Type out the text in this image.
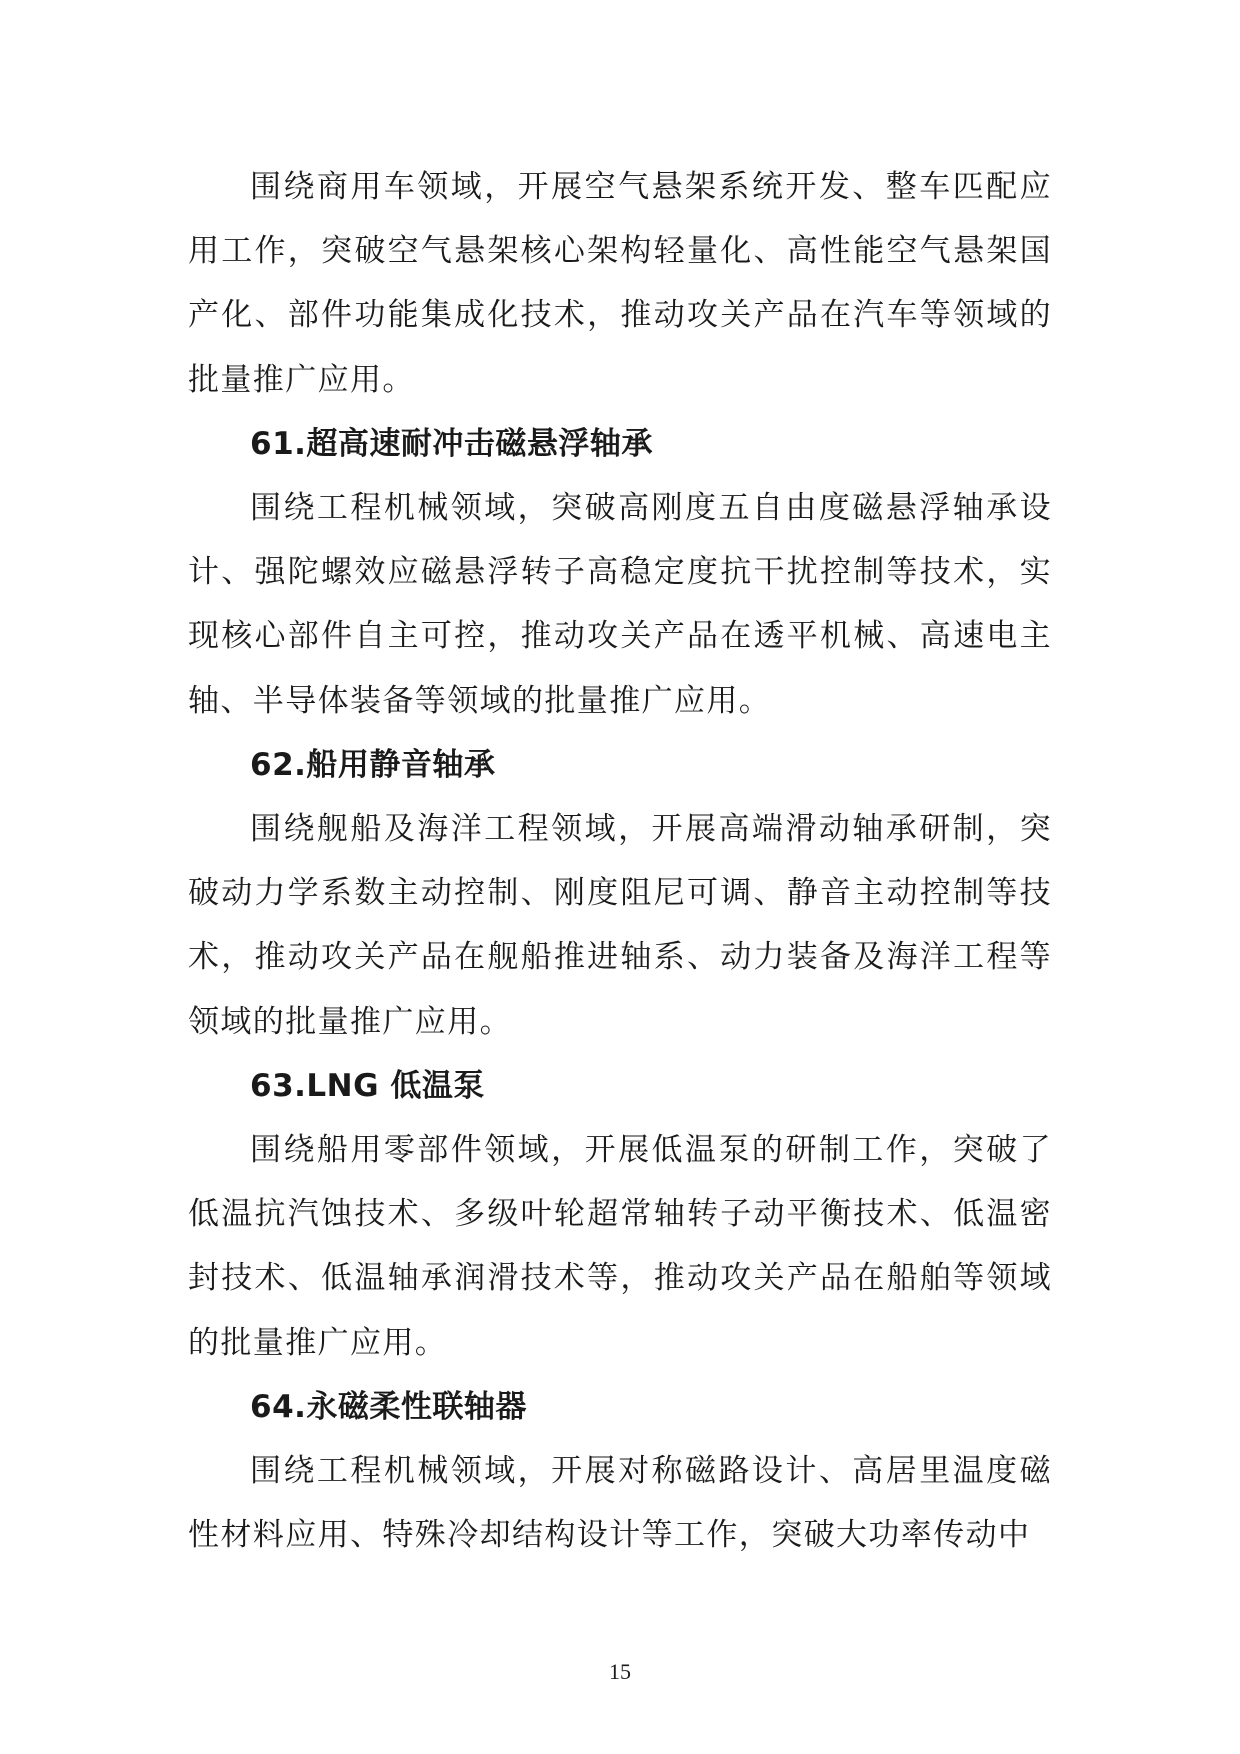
围绕商用车领域，开展空气悬架系统开发、整车匹配应用工作，突破空气悬架核心架构轻量化、高性能空气悬架国产化、部件功能集成化技术，推动攻关产品在汽车等领域的批量推广应用。

61.超高速耐冲击磁悬浮轴承

围绕工程机械领域，突破高刚度五自由度磁悬浮轴承设计、强陀螺效应磁悬浮转子高稳定度抗干扰控制等技术，实现核心部件自主可控，推动攻关产品在透平机械、高速电主轴、半导体装备等领域的批量推广应用。

62.船用静音轴承

围绕舰船及海洋工程领域，开展高端滑动轴承研制，突破动力学系数主动控制、刚度阻尼可调、静音主动控制等技术，推动攻关产品在舰船推进轴系、动力装备及海洋工程等领域的批量推广应用。

63.LNG 低温泵

围绕船用零部件领域，开展低温泵的研制工作，突破了低温抗汽蚀技术、多级叶轮超常轴转子动平衡技术、低温密封技术、低温轴承润滑技术等，推动攻关产品在船舶等领域的批量推广应用。

64.永磁柔性联轴器

围绕工程机械领域，开展对称磁路设计、高居里温度磁性材料应用、特殊冷却结构设计等工作，突破大功率传动中

15
